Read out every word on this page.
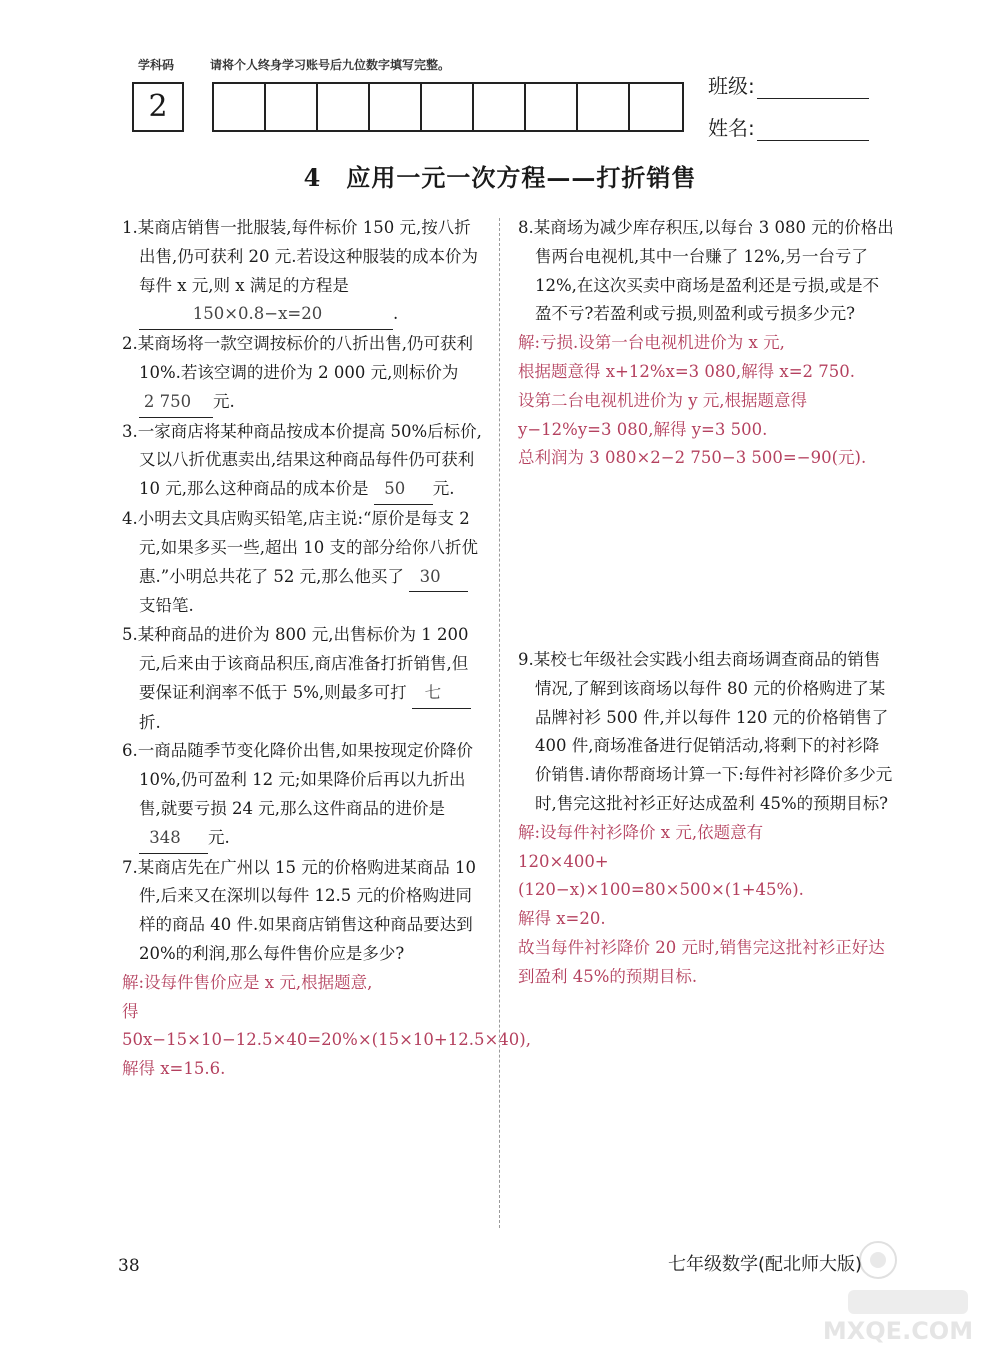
学科码	请将个人终身学习账号后九位数字填写完整。
2
班级:
姓名:
4　应用一元一次方程——打折销售

1.某商店销售一批服装,每件标价 150 元,按八折出售,仍可获利 20 元.若设这种服装的成本价为每件 x 元,则 x 满足的方程是 150×0.8−x=20	.

2.某商场将一款空调按标价的八折出售,仍可获利 10%.若该空调的进价为 2 000 元,则标价为 2 750 元.

3.一家商店将某种商品按成本价提高 50%后标价,又以八折优惠卖出,结果这种商品每件仍可获利 10 元,那么这种商品的成本价是 50 元.

4.小明去文具店购买铅笔,店主说:“原价是每支 2 元,如果多买一些,超出 10 支的部分给你八折优惠.”小明总共花了 52 元,那么他买了 30支铅笔.

5.某种商品的进价为 800 元,出售标价为 1 200 元,后来由于该商品积压,商店准备打折销售,但要保证利润率不低于 5%,则最多可打 七折.

6.一商品随季节变化降价出售,如果按现定价降价 10%,仍可盈利 12 元;如果降价后再以九折出售,就要亏损 24 元,那么这件商品的进价是 348 元.

7.某商店先在广州以 15 元的价格购进某商品 10 件,后来又在深圳以每件 12.5 元的价格购进同样的商品 40 件.如果商店销售这种商品要达到 20%的利润,那么每件售价应是多少?

解:设每件售价应是 x 元,根据题意,

得 50x−15×10−12.5×40=20%×(15×10+12.5×40),解得 x=15.6.

8.某商场为减少库存积压,以每台 3 080 元的价格出售两台电视机,其中一台赚了 12%,另一台亏了 12%,在这次买卖中商场是盈利还是亏损,或是不盈不亏?若盈利或亏损,则盈利或亏损多少元?

解:亏损.设第一台电视机进价为 x 元,

根据题意得 x+12%x=3 080,解得 x=2 750.

设第二台电视机进价为 y 元,根据题意得 y−12%y=3 080,解得 y=3 500.

总利润为 3 080×2−2 750−3 500=−90(元).

9.某校七年级社会实践小组去商场调查商品的销售情况,了解到该商场以每件 80 元的价格购进了某品牌衬衫 500 件,并以每件 120 元的价格销售了 400 件,商场准备进行促销活动,将剩下的衬衫降价销售.请你帮商场计算一下:每件衬衫降价多少元时,售完这批衬衫正好达成盈利 45%的预期目标?

解:设每件衬衫降价 x 元,依题意有

120×400+(120−x)×100=80×500×(1+45%).

解得 x=20.

故当每件衬衫降价 20 元时,销售完这批衬衫正好达到盈利 45%的预期目标.

38	七年级数学(配北师大版)
MXQE.COM
